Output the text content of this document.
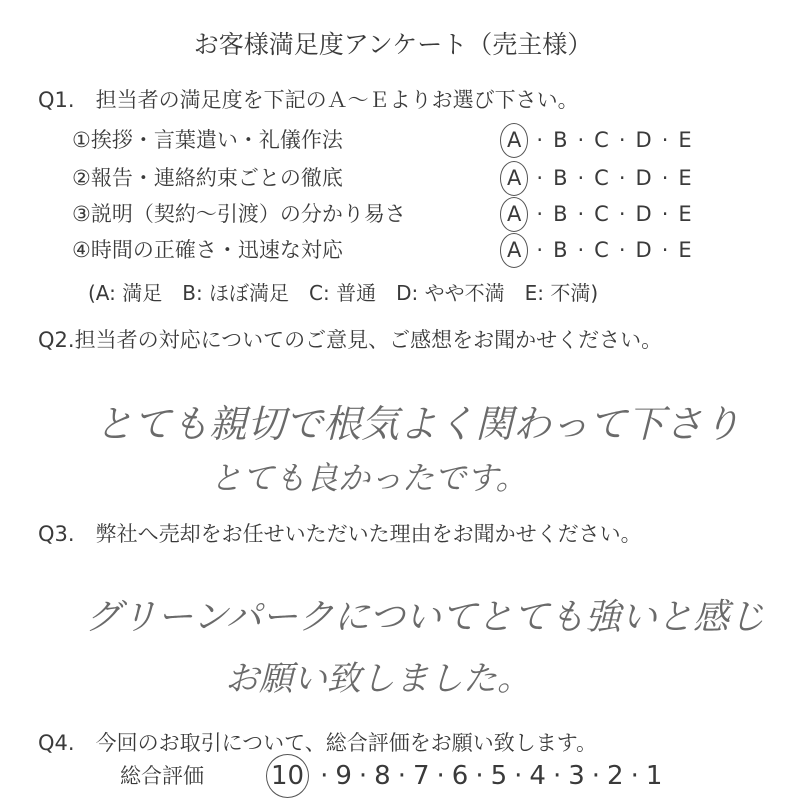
お客様満足度アンケート（売主様）
Q1.　担当者の満足度を下記のＡ～Ｅよりお選び下さい。
①挨拶・言葉遣い・礼儀作法	A · B · C · D · E
②報告・連絡約束ごとの徹底	A · B · C · D · E
③説明（契約～引渡）の分かり易さ	A · B · C · D · E
④時間の正確さ・迅速な対応	A · B · C · D · E
(A: 満足　B: ほぼ満足　C: 普通　D: やや不満　E: 不満)
Q2.担当者の対応についてのご意見、ご感想をお聞かせください。
とても親切で根気よく関わって下さり
とても良かったです。
Q3.　弊社へ売却をお任せいただいた理由をお聞かせください。
グリーンパークについてとても強いと感じ
お願い致しました。
Q4.　今回のお取引について、総合評価をお願い致します。
総合評価	10 · 9 · 8 · 7 · 6 · 5 · 4 · 3 · 2 · 1
